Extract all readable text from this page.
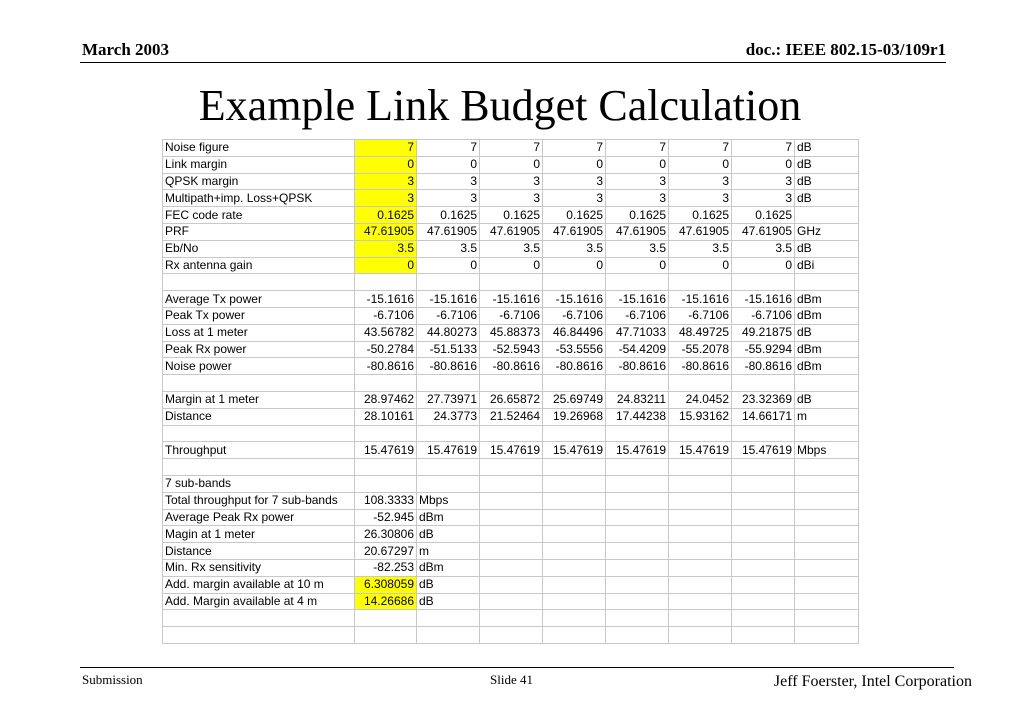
March 2003	doc.: IEEE 802.15-03/109r1
Example Link Budget Calculation
Noise figure	7	7	7	7	7	7	7	dB
Link margin	0	0	0	0	0	0	0	dB
QPSK margin	3	3	3	3	3	3	3	dB
Multipath+imp. Loss+QPSK	3	3	3	3	3	3	3	dB
FEC code rate	0.1625	0.1625	0.1625	0.1625	0.1625	0.1625	0.1625	
PRF	47.61905	47.61905	47.61905	47.61905	47.61905	47.61905	47.61905	GHz
Eb/No	3.5	3.5	3.5	3.5	3.5	3.5	3.5	dB
Rx antenna gain	0	0	0	0	0	0	0	dBi

Average Tx power	-15.1616	-15.1616	-15.1616	-15.1616	-15.1616	-15.1616	-15.1616	dBm
Peak Tx power	-6.7106	-6.7106	-6.7106	-6.7106	-6.7106	-6.7106	-6.7106	dBm
Loss at 1 meter	43.56782	44.80273	45.88373	46.84496	47.71033	48.49725	49.21875	dB
Peak Rx power	-50.2784	-51.5133	-52.5943	-53.5556	-54.4209	-55.2078	-55.9294	dBm
Noise power	-80.8616	-80.8616	-80.8616	-80.8616	-80.8616	-80.8616	-80.8616	dBm

Margin at 1 meter	28.97462	27.73971	26.65872	25.69749	24.83211	24.0452	23.32369	dB
Distance	28.10161	24.3773	21.52464	19.26968	17.44238	15.93162	14.66171	m

Throughput	15.47619	15.47619	15.47619	15.47619	15.47619	15.47619	15.47619	Mbps

7 sub-bands								
Total throughput for 7 sub-bands	108.3333	Mbps						
Average Peak Rx power	-52.945	dBm						
Magin at 1 meter	26.30806	dB						
Distance	20.67297	m						
Min. Rx sensitivity	-82.253	dBm						
Add. margin available at 10 m	6.308059	dB						
Add. Margin available at 4 m	14.26686	dB						

Submission	Slide 41	Jeff Foerster, Intel Corporation
